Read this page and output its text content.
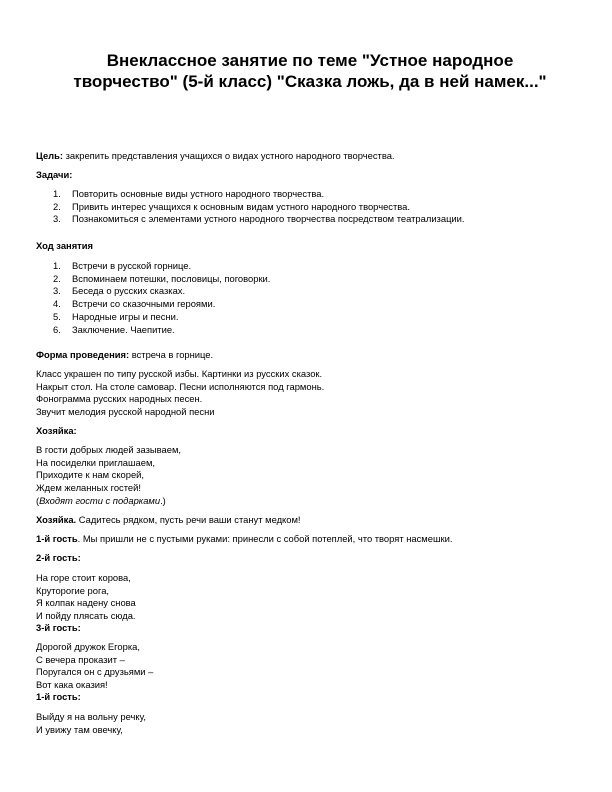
Внеклассное занятие по теме "Устное народное творчество" (5-й класс) "Сказка ложь, да в ней намек..."
Цель: закрепить представления учащихся о видах устного народного творчества.
Задачи:
1. Повторить основные виды устного народного творчества.
2. Привить интерес учащихся к основным видам устного народного творчества.
3. Познакомиться с элементами устного народного творчества посредством театрализации.
Ход занятия
1. Встречи в русской горнице.
2. Вспоминаем потешки, пословицы, поговорки.
3. Беседа о русских сказках.
4. Встречи со сказочными героями.
5. Народные игры и песни.
6. Заключение. Чаепитие.
Форма проведения: встреча в горнице.
Класс украшен по типу русской избы. Картинки из русских сказок.
Накрыт стол. На столе самовар. Песни исполняются под гармонь.
Фонограмма русских народных песен.
Звучит мелодия русской народной песни
Хозяйка:
В гости добрых людей зазываем,
На посиделки приглашаем,
Приходите к нам скорей,
Ждем желанных гостей!
(Входят гости с подарками.)
Хозяйка. Садитесь рядком, пусть речи ваши станут медком!
1-й гость. Мы пришли не с пустыми руками: принесли с собой потеплей, что творят насмешки.
2-й гость:
На горе стоит корова,
Круторогие рога,
Я колпак надену снова
И пойду плясать сюда.
3-й гость:
Дорогой дружок Егорка,
С вечера проказит –
Поругался он с друзьями –
Вот кака оказия!
1-й гость:
Выйду я на вольну речку,
И увижу там овечку,
